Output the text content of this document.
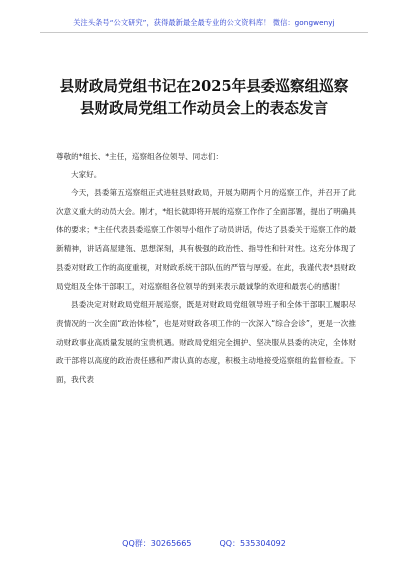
关注头条号“公文研究”，获得最新最全最专业的公文资料库！ 微信：gongwenyj
县财政局党组书记在2025年县委巡察组巡察
县财政局党组工作动员会上的表态发言
尊敬的*组长、*主任，巡察组各位领导、同志们：
大家好。

今天，县委第五巡察组正式进驻县财政局，开展为期两个月的巡察工作，并召开了此次意义重大的动员大会。刚才，*组长就即将开展的巡察工作作了全面部署，提出了明确具体的要求；*主任代表县委巡察工作领导小组作了动员讲话，传达了县委关于巡察工作的最新精神，讲话高屋建瓴、思想深刻，具有极强的政治性、指导性和针对性。这充分体现了县委对财政工作的高度重视，对财政系统干部队伍的严管与厚爱。在此，我谨代表*县财政局党组及全体干部职工，对巡察组各位领导的到来表示最诚挚的欢迎和最衷心的感谢！

县委决定对财政局党组开展巡察，既是对财政局党组领导班子和全体干部职工履职尽责情况的一次全面“政治体检”，也是对财政各项工作的一次深入“综合会诊”，更是一次推动财政事业高质量发展的宝贵机遇。财政局党组完全拥护、坚决服从县委的决定，全体财政干部将以高度的政治责任感和严肃认真的态度，积极主动地接受巡察组的监督检查。下面，我代表

QQ群：30265665	QQ：535304092
